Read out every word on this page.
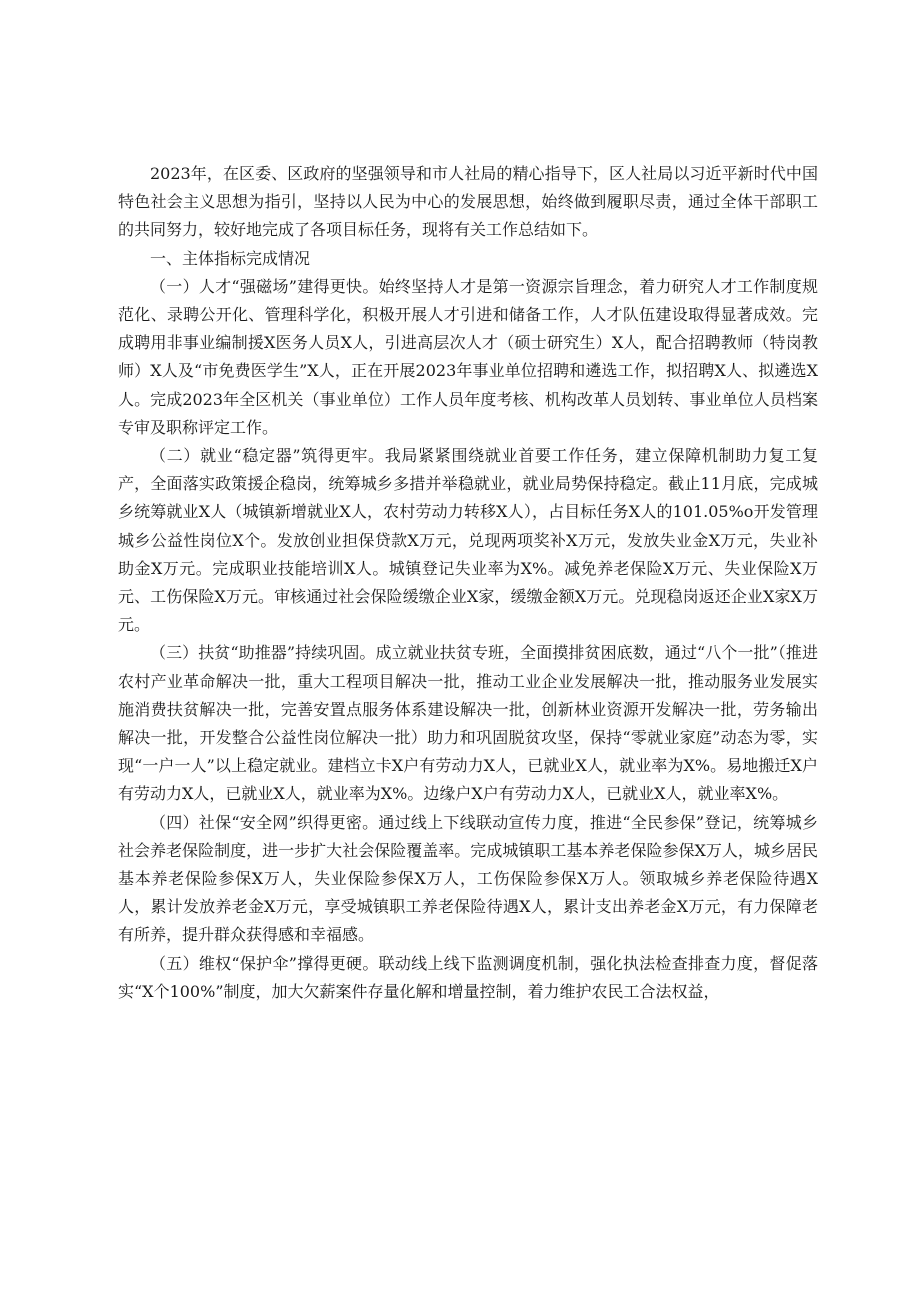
2023年，在区委、区政府的坚强领导和市人社局的精心指导下，区人社局以习近平新时代中国特色社会主义思想为指引，坚持以人民为中心的发展思想，始终做到履职尽责，通过全体干部职工的共同努力，较好地完成了各项目标任务，现将有关工作总结如下。

一、主体指标完成情况

（一）人才“强磁场”建得更快。始终坚持人才是第一资源宗旨理念，着力研究人才工作制度规范化、录聘公开化、管理科学化，积极开展人才引进和储备工作，人才队伍建设取得显著成效。完成聘用非事业编制援X医务人员X人，引进高层次人才（硕士研究生）X人，配合招聘教师（特岗教师）X人及“市免费医学生”X人，正在开展2023年事业单位招聘和遴选工作，拟招聘X人、拟遴选X人。完成2023年全区机关（事业单位）工作人员年度考核、机构改革人员划转、事业单位人员档案专审及职称评定工作。

（二）就业“稳定器”筑得更牢。我局紧紧围绕就业首要工作任务，建立保障机制助力复工复产，全面落实政策援企稳岗，统筹城乡多措并举稳就业，就业局势保持稳定。截止11月底，完成城乡统筹就业X人（城镇新增就业X人，农村劳动力转移X人），占目标任务X人的101.05%o开发管理城乡公益性岗位X个。发放创业担保贷款X万元，兑现两项奖补X万元，发放失业金X万元，失业补助金X万元。完成职业技能培训X人。城镇登记失业率为X%。减免养老保险X万元、失业保险X万元、工伤保险X万元。审核通过社会保险缓缴企业X家，缓缴金额X万元。兑现稳岗返还企业X家X万元。

（三）扶贫“助推器”持续巩固。成立就业扶贫专班，全面摸排贫困底数，通过“八个一批”（推进农村产业革命解决一批，重大工程项目解决一批，推动工业企业发展解决一批，推动服务业发展实施消费扶贫解决一批，完善安置点服务体系建设解决一批，创新林业资源开发解决一批，劳务输出解决一批，开发整合公益性岗位解决一批）助力和巩固脱贫攻坚，保持“零就业家庭”动态为零，实现“一户一人”以上稳定就业。建档立卡X户有劳动力X人，已就业X人，就业率为X%。易地搬迁X户有劳动力X人，已就业X人，就业率为X%。边缘户X户有劳动力X人，已就业X人，就业率X%。

（四）社保“安全网”织得更密。通过线上下线联动宣传力度，推进“全民参保”登记，统筹城乡社会养老保险制度，进一步扩大社会保险覆盖率。完成城镇职工基本养老保险参保X万人，城乡居民基本养老保险参保X万人，失业保险参保X万人，工伤保险参保X万人。领取城乡养老保险待遇X人，累计发放养老金X万元，享受城镇职工养老保险待遇X人，累计支出养老金X万元，有力保障老有所养，提升群众获得感和幸福感。

（五）维权“保护伞”撑得更硬。联动线上线下监测调度机制，强化执法检查排查力度，督促落实“X个100%”制度，加大欠薪案件存量化解和增量控制，着力维护农民工合法权益，
